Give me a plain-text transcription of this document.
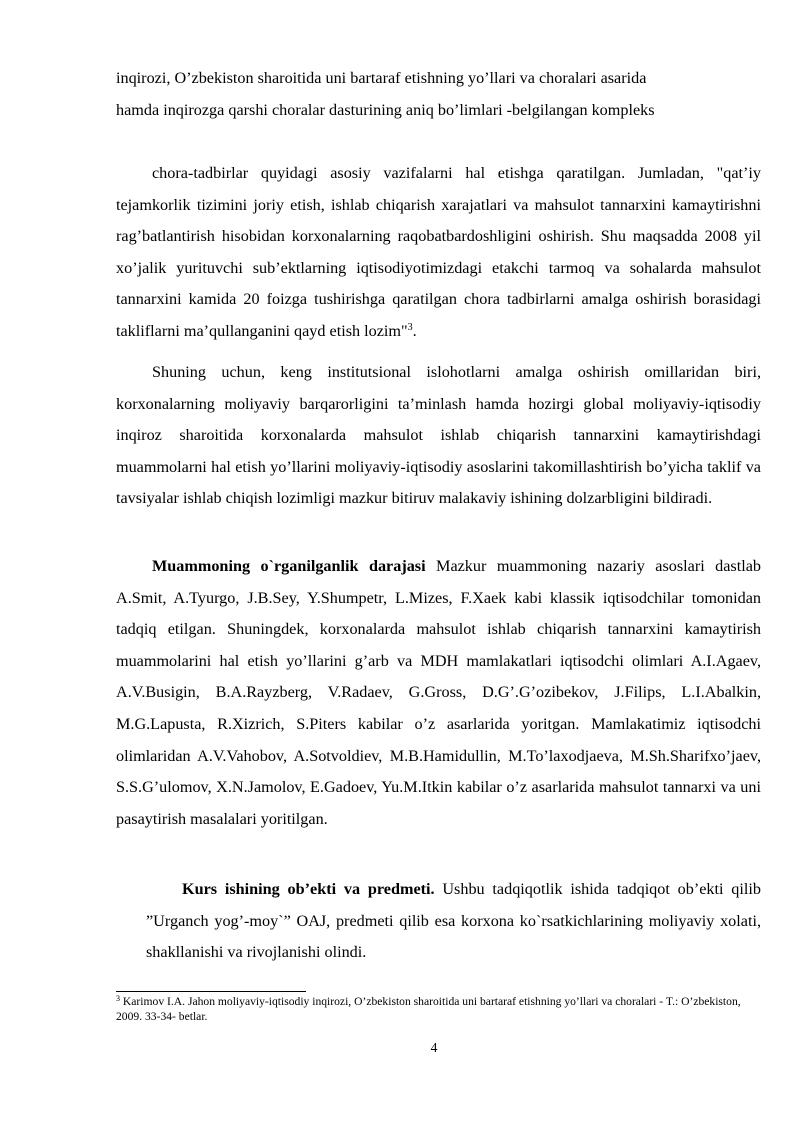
inqirozi, O’zbekiston sharoitida uni bartaraf etishning yo’llari va choralari asarida
hamda inqirozga qarshi choralar dasturining aniq bo’limlari -belgilangan kompleks

chora-tadbirlar quyidagi asosiy vazifalarni hal etishga qaratilgan. Jumladan, "qat’iy tejamkorlik tizimini joriy etish, ishlab chiqarish xarajatlari va mahsulot tannarxini kamaytirishni rag’batlantirish hisobidan korxonalarning raqobatbardoshligini oshirish. Shu maqsadda 2008 yil xo’jalik yurituvchi sub’ektlarning iqtisodiyotimizdagi etakchi tarmoq va sohalarda mahsulot tannarxini kamida 20 foizga tushirishga qaratilgan chora tadbirlarni amalga oshirish borasidagi takliflarni ma’qullanganini qayd etish lozim"$^3$.

Shuning uchun, keng institutsional islohotlarni amalga oshirish omillaridan biri, korxonalarning moliyaviy barqarorligini ta’minlash hamda hozirgi global moliyaviy-iqtisodiy inqiroz sharoitida korxonalarda mahsulot ishlab chiqarish tannarxini kamaytirishdagi muammolarni hal etish yo’llarini moliyaviy-iqtisodiy asoslarini takomillashtirish bo’yicha taklif va tavsiyalar ishlab chiqish lozimligi mazkur bitiruv malakaviy ishining dolzarbligini bildiradi.

Muammoning o`rganilganlik darajasi Mazkur muammoning nazariy asoslari dastlab A.Smit, A.Tyurgo, J.B.Sey, Y.Shumpetr, L.Mizes, F.Xaek kabi klassik iqtisodchilar tomonidan tadqiq etilgan. Shuningdek, korxonalarda mahsulot ishlab chiqarish tannarxini kamaytirish muammolarini hal etish yo’llarini g’arb va MDH mamlakatlari iqtisodchi olimlari A.I.Agaev, A.V.Busigin, B.A.Rayzberg, V.Radaev, G.Gross, D.G’.G’ozibekov, J.Filips, L.I.Abalkin, M.G.Lapusta, R.Xizrich, S.Piters kabilar o’z asarlarida yoritgan. Mamlakatimiz iqtisodchi olimlaridan A.V.Vahobov, A.Sotvoldiev, M.B.Hamidullin, M.To’laxodjaeva, M.Sh.Sharifxo’jaev, S.S.G’ulomov, X.N.Jamolov, E.Gadoev, Yu.M.Itkin kabilar o’z asarlarida mahsulot tannarxi va uni pasaytirish masalalari yoritilgan.

Kurs ishining ob’ekti va predmeti. Ushbu tadqiqotlik ishida tadqiqot ob’ekti qilib ”Urganch yog’-moy`” OAJ, predmeti qilib esa korxona ko`rsatkichlarining moliyaviy xolati, shakllanishi va rivojlanishi olindi.

$^3$ Karimov I.A. Jahon moliyaviy-iqtisodiy inqirozi, O’zbekiston sharoitida uni bartaraf etishning yo’llari va choralari - T.: O’zbekiston, 2009. 33-34- betlar.

4
